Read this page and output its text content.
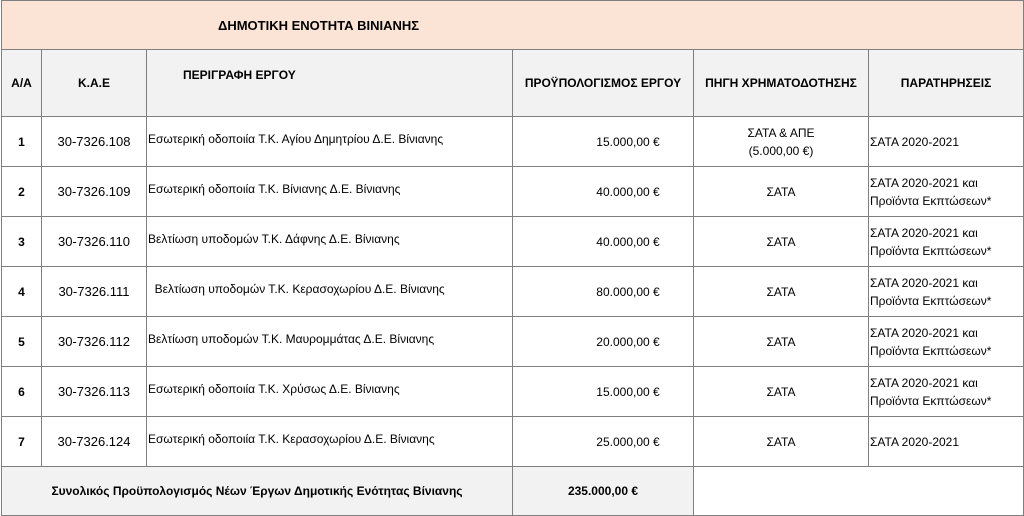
ΔΗΜΟΤΙΚΗ ΕΝΟΤΗΤΑ ΒΙΝΙΑΝΗΣ					
Α/Α	Κ.Α.Ε	ΠΕΡΙΓΡΑΦΗ ΕΡΓΟΥ	ΠΡΟΫΠΟΛΟΓΙΣΜΟΣ ΕΡΓΟΥ	ΠΗΓΗ ΧΡΗΜΑΤΟΔΟΤΗΣΗΣ	ΠΑΡΑΤΗΡΗΣΕΙΣ
1	30-7326.108	Εσωτερική οδοποιία Τ.Κ. Αγίου Δημητρίου Δ.Ε. Βίνιανης	15.000,00 €	ΣΑΤΑ & ΑΠΕ
(5.000,00 €)	ΣΑΤΑ 2020-2021

2	30-7326.109	Εσωτερική οδοποιία Τ.Κ. Βίνιανης Δ.Ε. Βίνιανης	40.000,00 €	ΣΑΤΑ	ΣΑΤΑ 2020-2021 και
Προϊόντα Εκπτώσεων*

3	30-7326.110	Βελτίωση υποδομών Τ.Κ. Δάφνης Δ.Ε. Βίνιανης	40.000,00 €	ΣΑΤΑ	ΣΑΤΑ 2020-2021 και
Προϊόντα Εκπτώσεων*

4	30-7326.111	Βελτίωση υποδομών Τ.Κ. Κερασοχωρίου Δ.Ε. Βίνιανης	80.000,00 €	ΣΑΤΑ	ΣΑΤΑ 2020-2021 και
Προϊόντα Εκπτώσεων*

5	30-7326.112	Βελτίωση υποδομών Τ.Κ. Μαυρομμάτας Δ.Ε. Βίνιανης	20.000,00 €	ΣΑΤΑ	ΣΑΤΑ 2020-2021 και
Προϊόντα Εκπτώσεων*

6	30-7326.113	Εσωτερική οδοποιία Τ.Κ. Χρύσως Δ.Ε. Βίνιανης	15.000,00 €	ΣΑΤΑ	ΣΑΤΑ 2020-2021 και
Προϊόντα Εκπτώσεων*

7	30-7326.124	Εσωτερική οδοποιία Τ.Κ. Κερασοχωρίου Δ.Ε. Βίνιανης	25.000,00 €	ΣΑΤΑ	ΣΑΤΑ 2020-2021

Συνολικός Προϋπολογισμός Νέων Έργων Δημοτικής Ενότητας Βίνιανης			235.000,00 €		
